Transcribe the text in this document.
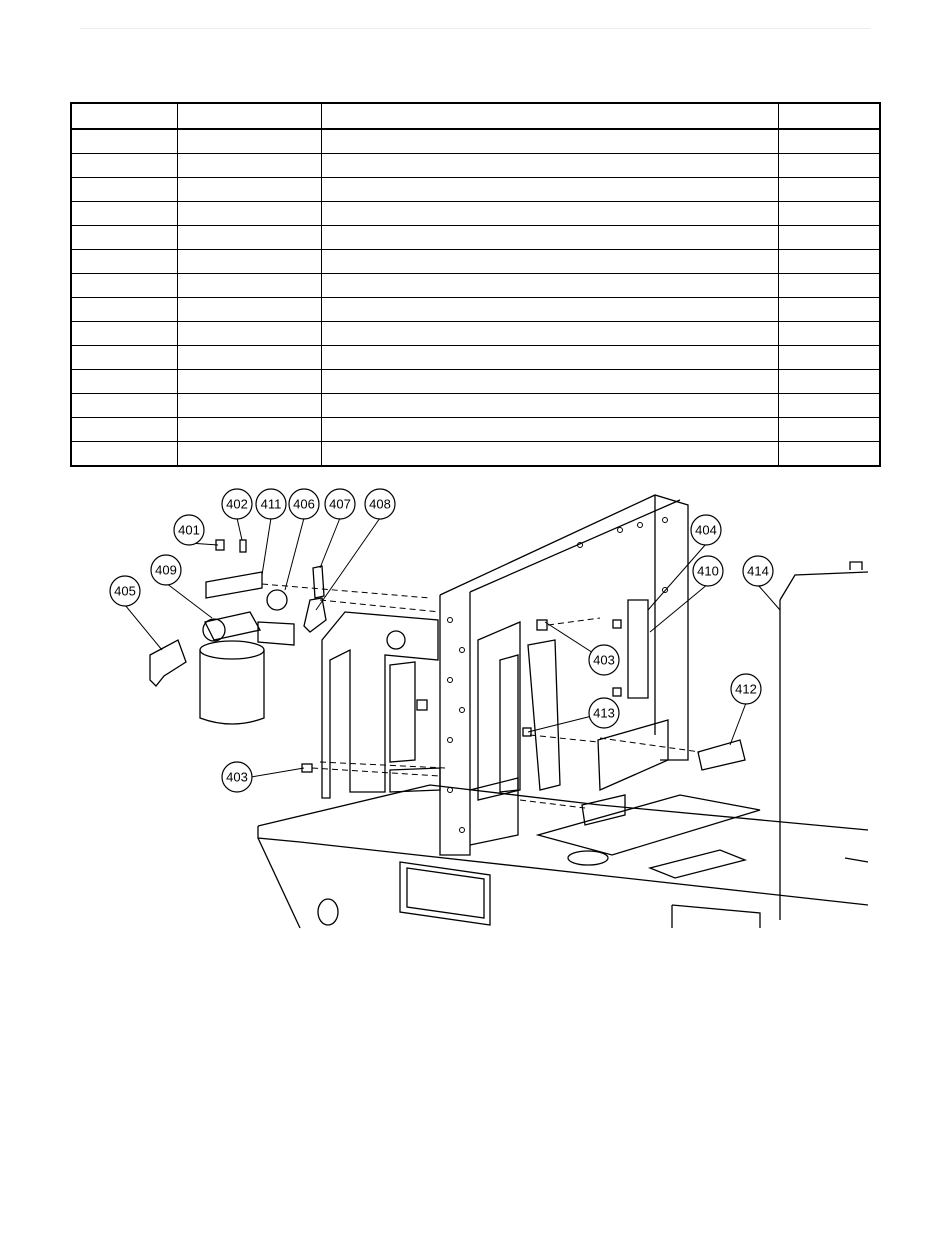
401
402 411 406 407 408
409
405
404
410 414
403
403
413
412
